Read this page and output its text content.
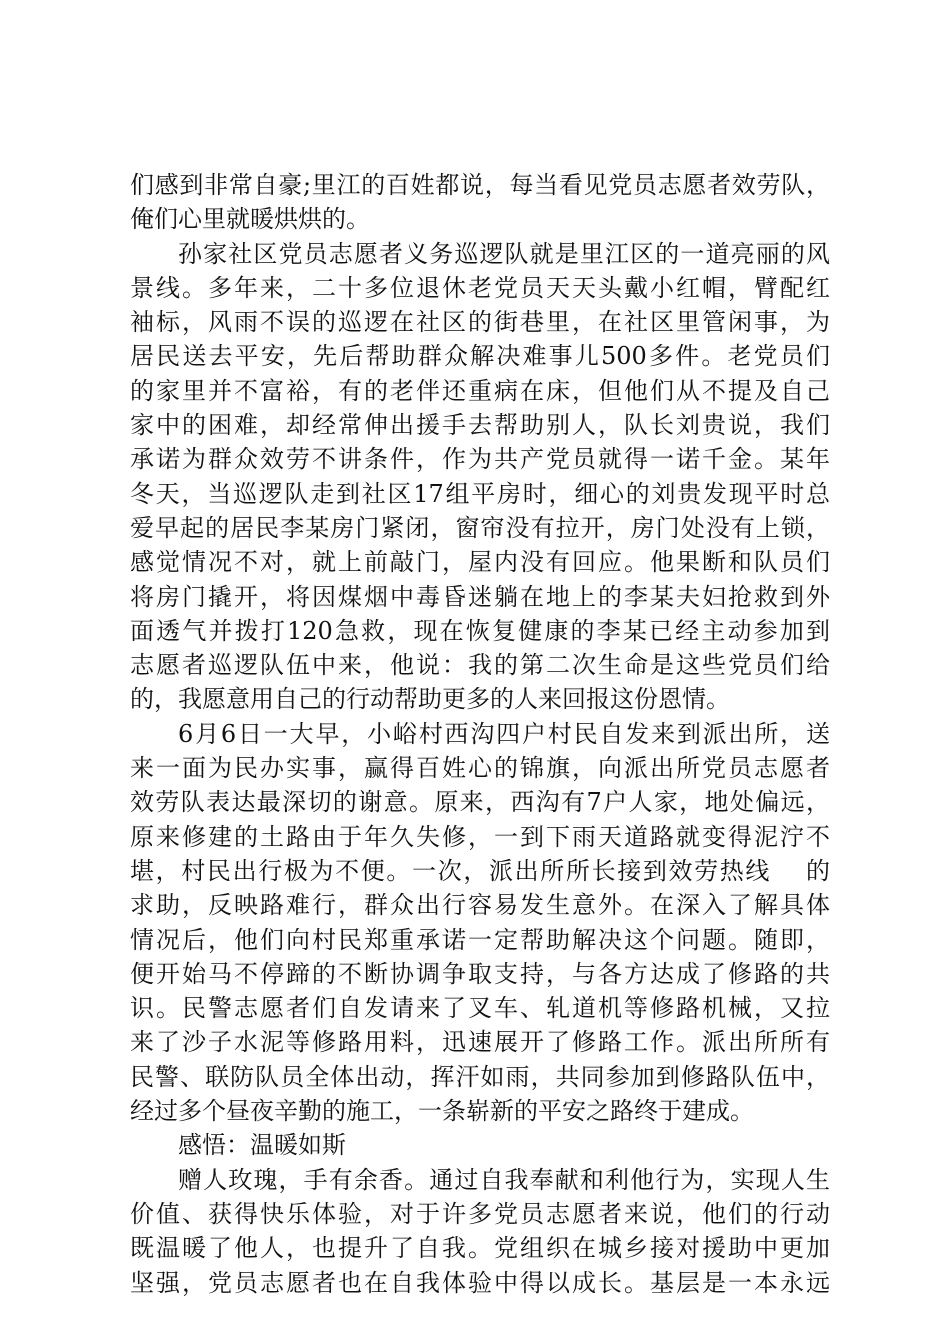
们感到非常自豪;里江的百姓都说，每当看见党员志愿者效劳队，
俺们心里就暖烘烘的。
孙家社区党员志愿者义务巡逻队就是里江区的一道亮丽的风
景线。多年来，二十多位退休老党员天天头戴小红帽，臂配红
袖标，风雨不误的巡逻在社区的街巷里，在社区里管闲事，为
居民送去平安，先后帮助群众解决难事儿500多件。老党员们
的家里并不富裕，有的老伴还重病在床，但他们从不提及自己
家中的困难，却经常伸出援手去帮助别人，队长刘贵说，我们
承诺为群众效劳不讲条件，作为共产党员就得一诺千金。某年
冬天，当巡逻队走到社区17组平房时，细心的刘贵发现平时总
爱早起的居民李某房门紧闭，窗帘没有拉开，房门处没有上锁，
感觉情况不对，就上前敲门，屋内没有回应。他果断和队员们
将房门撬开，将因煤烟中毒昏迷躺在地上的李某夫妇抢救到外
面透气并拨打120急救，现在恢复健康的李某已经主动参加到
志愿者巡逻队伍中来，他说：我的第二次生命是这些党员们给
的，我愿意用自己的行动帮助更多的人来回报这份恩情。
6月6日一大早，小峪村西沟四户村民自发来到派出所，送
来一面为民办实事，赢得百姓心的锦旗，向派出所党员志愿者
效劳队表达最深切的谢意。原来，西沟有7户人家，地处偏远，
原来修建的土路由于年久失修，一到下雨天道路就变得泥泞不
堪，村民出行极为不便。一次，派出所所长接到效劳热线　 的
求助，反映路难行，群众出行容易发生意外。在深入了解具体
情况后，他们向村民郑重承诺一定帮助解决这个问题。随即，
便开始马不停蹄的不断协调争取支持，与各方达成了修路的共
识。民警志愿者们自发请来了叉车、轧道机等修路机械，又拉
来了沙子水泥等修路用料，迅速展开了修路工作。派出所所有
民警、联防队员全体出动，挥汗如雨，共同参加到修路队伍中，
经过多个昼夜辛勤的施工，一条崭新的平安之路终于建成。
感悟：温暖如斯
赠人玫瑰，手有余香。通过自我奉献和利他行为，实现人生
价值、获得快乐体验，对于许多党员志愿者来说，他们的行动
既温暖了他人，也提升了自我。党组织在城乡接对援助中更加
坚强，党员志愿者也在自我体验中得以成长。基层是一本永远
